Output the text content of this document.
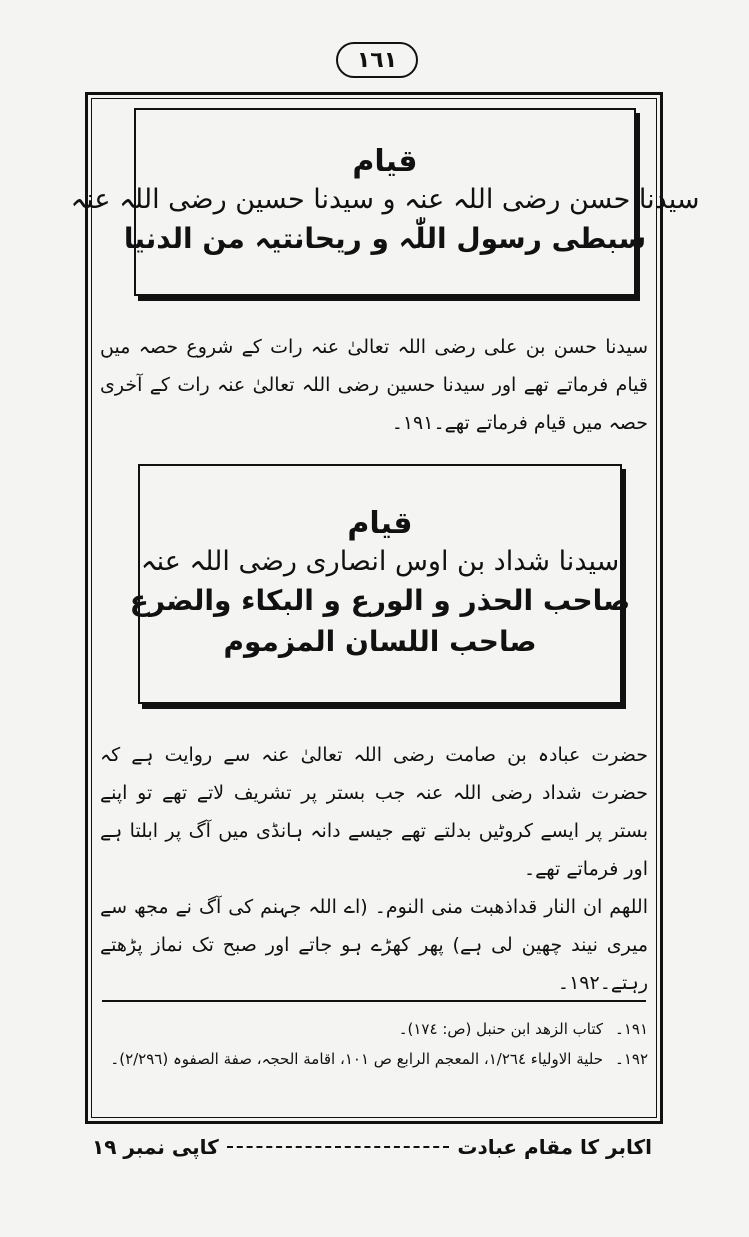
١٦١
قیام
سیدنا حسن رضی اللہ عنہ و سیدنا حسین رضی اللہ عنہ
سبطی رسول اللّٰہ و ریحانتیہ من الدنیا

سیدنا حسن بن علی رضی اللہ تعالیٰ عنہ رات کے شروع حصہ میں قیام فرماتے تھے اور سیدنا حسین رضی اللہ تعالیٰ عنہ رات کے آخری حصہ میں قیام فرماتے تھے۔١٩١۔

قیام
سیدنا شداد بن اوس انصاری رضی اللہ عنہ
صاحب الحذر و الورع و البکاء والضرع
صاحب اللسان المزموم

حضرت عبادہ بن صامت رضی اللہ تعالیٰ عنہ سے روایت ہے کہ حضرت شداد رضی اللہ عنہ جب بستر پر تشریف لاتے تھے تو اپنے بستر پر ایسے کروٹیں بدلتے تھے جیسے دانہ ہانڈی میں آگ پر ابلتا ہے اور فرماتے تھے۔

اللھم ان النار قداذھبت منی النوم۔ (اے اللہ جہنم کی آگ نے مجھ سے میری نیند چھین لی ہے) پھر کھڑے ہو جاتے اور صبح تک نماز پڑھتے رہتے۔١٩٢۔

١٩١۔
کتاب الزھد ابن حنبل (ص: ١٧٤)۔
١٩٢۔
حلیة الاولیاء ١/٢٦٤، المعجم الرابع ص ١٠١، اقامة الحجہ، صفة الصفوہ (٢/٢٩٦)۔
اکابر کا مقام عبادت
کاپی نمبر ١٩
